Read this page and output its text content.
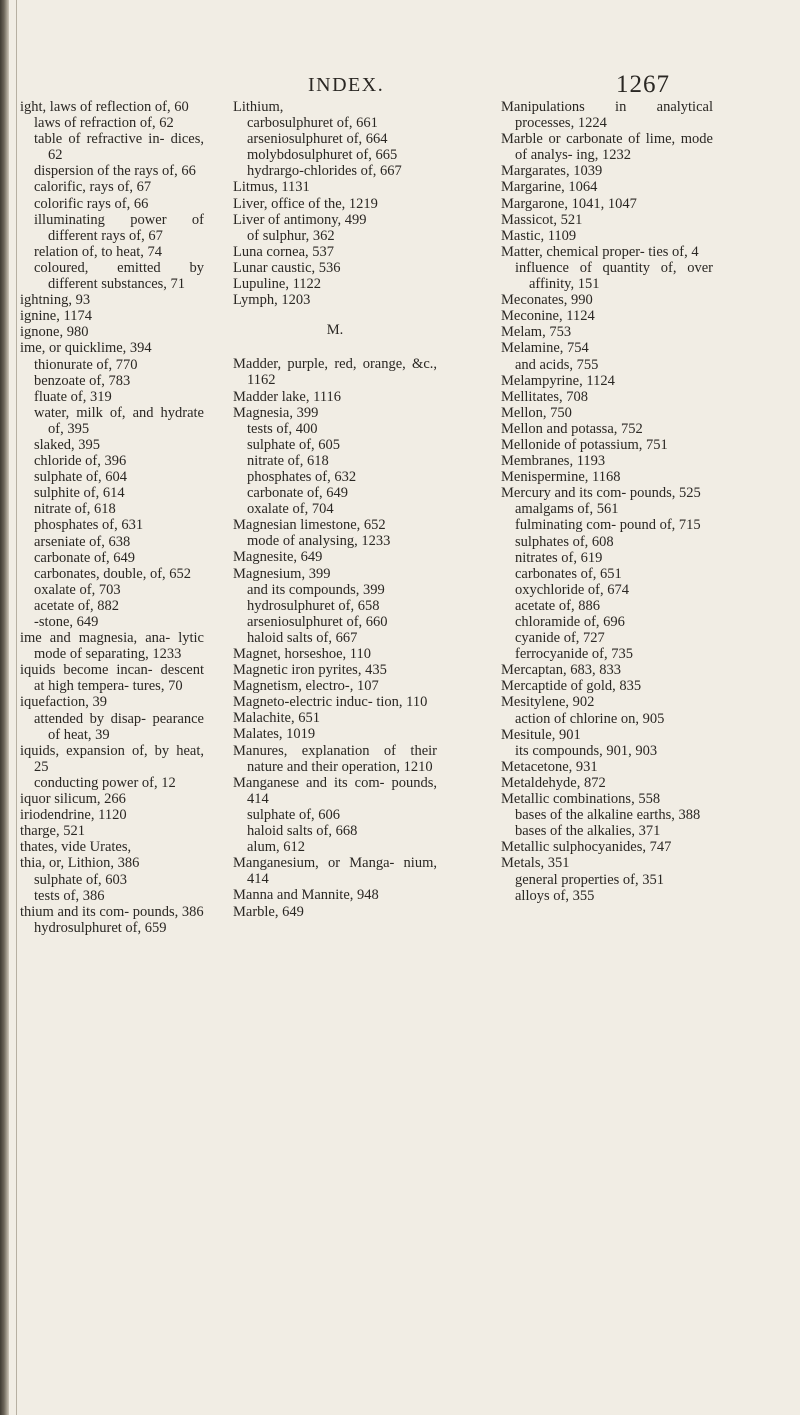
INDEX.	1267
ight, laws of reflection of, 60
laws of refraction of, 62
table of refractive in- dices, 62
dispersion of the rays of, 66
calorific, rays of, 67
colorific rays of, 66
illuminating power of different rays of, 67
relation of, to heat, 74
coloured, emitted by different substances, 71
ightning, 93
ignine, 1174
ignone, 980
ime, or quicklime, 394
thionurate of, 770
benzoate of, 783
fluate of, 319
water, milk of, and hydrate of, 395
slaked, 395
chloride of, 396
sulphate of, 604
sulphite of, 614
nitrate of, 618
phosphates of, 631
arseniate of, 638
carbonate of, 649
carbonates, double, of, 652
oxalate of, 703
acetate of, 882
-stone, 649
ime and magnesia, ana- lytic mode of separating, 1233
iquids become incan- descent at high tempera- tures, 70
iquefaction, 39
attended by disap- pearance of heat, 39
iquids, expansion of, by heat, 25
conducting power of, 12
iquor silicum, 266
iriodendrine, 1120
tharge, 521
thates, vide Urates,
thia, or, Lithion, 386
sulphate of, 603
tests of, 386
thium and its com- pounds, 386
hydrosulphuret of, 659
Lithium,
carbosulphuret of, 661
arseniosulphuret of, 664
molybdosulphuret of, 665
hydrargo-chlorides of, 667
Litmus, 1131
Liver, office of the, 1219
Liver of antimony, 499
of sulphur, 362
Luna cornea, 537
Lunar caustic, 536
Lupuline, 1122
Lymph, 1203
M.
Madder, purple, red, orange, &c., 1162
Madder lake, 1116
Magnesia, 399
tests of, 400
sulphate of, 605
nitrate of, 618
phosphates of, 632
carbonate of, 649
oxalate of, 704
Magnesian limestone, 652
mode of analysing, 1233
Magnesite, 649
Magnesium, 399
and its compounds, 399
hydrosulphuret of, 658
arseniosulphuret of, 660
haloid salts of, 667
Magnet, horseshoe, 110
Magnetic iron pyrites, 435
Magnetism, electro-, 107
Magneto-electric induc- tion, 110
Malachite, 651
Malates, 1019
Manures, explanation of their nature and their operation, 1210
Manganese and its com- pounds, 414
sulphate of, 606
haloid salts of, 668
alum, 612
Manganesium, or Manga- nium, 414
Manna and Mannite, 948
Marble, 649
Manipulations in analytical processes, 1224
Marble or carbonate of lime, mode of analys- ing, 1232
Margarates, 1039
Margarine, 1064
Margarone, 1041, 1047
Massicot, 521
Mastic, 1109
Matter, chemical proper- ties of, 4
influence of quantity of, over affinity, 151
Meconates, 990
Meconine, 1124
Melam, 753
Melamine, 754
and acids, 755
Melampyrine, 1124
Mellitates, 708
Mellon, 750
Mellon and potassa, 752
Mellonide of potassium, 751
Membranes, 1193
Menispermine, 1168
Mercury and its com- pounds, 525
amalgams of, 561
fulminating com- pound of, 715
sulphates of, 608
nitrates of, 619
carbonates of, 651
oxychloride of, 674
acetate of, 886
chloramide of, 696
cyanide of, 727
ferrocyanide of, 735
Mercaptan, 683, 833
Mercaptide of gold, 835
Mesitylene, 902
action of chlorine on, 905
Mesitule, 901
its compounds, 901, 903
Metacetone, 931
Metaldehyde, 872
Metallic combinations, 558
bases of the alkaline earths, 388
bases of the alkalies, 371
Metallic sulphocyanides, 747
Metals, 351
general properties of, 351
alloys of, 355
